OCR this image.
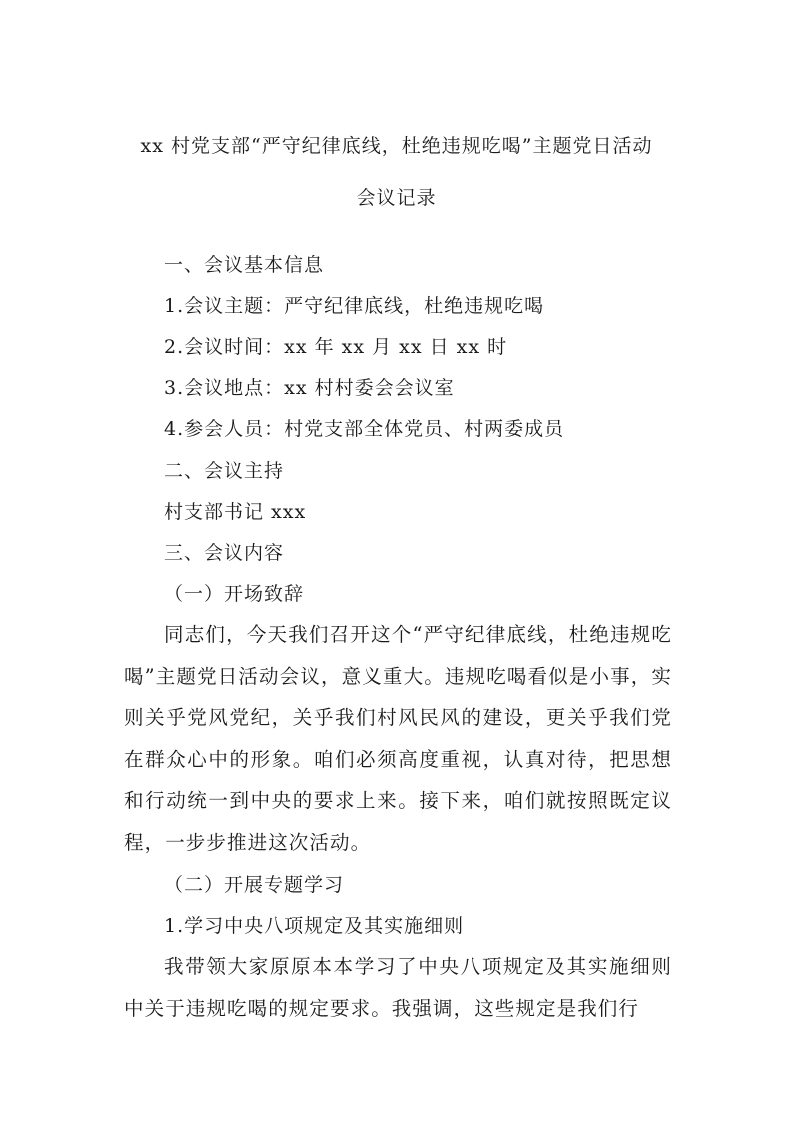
xx 村党支部“严守纪律底线，杜绝违规吃喝”主题党日活动
会议记录
一、会议基本信息
1.会议主题：严守纪律底线，杜绝违规吃喝
2.会议时间：xx 年 xx 月 xx 日 xx 时
3.会议地点：xx 村村委会会议室
4.参会人员：村党支部全体党员、村两委成员
二、会议主持
村支部书记 xxx
三、会议内容
（一）开场致辞
同志们，今天我们召开这个“严守纪律底线，杜绝违规吃喝”主题党日活动会议，意义重大。违规吃喝看似是小事，实则关乎党风党纪，关乎我们村风民风的建设，更关乎我们党在群众心中的形象。咱们必须高度重视，认真对待，把思想和行动统一到中央的要求上来。接下来，咱们就按照既定议程，一步步推进这次活动。
（二）开展专题学习
1.学习中央八项规定及其实施细则
我带领大家原原本本学习了中央八项规定及其实施细则中关于违规吃喝的规定要求。我强调，这些规定是我们行
